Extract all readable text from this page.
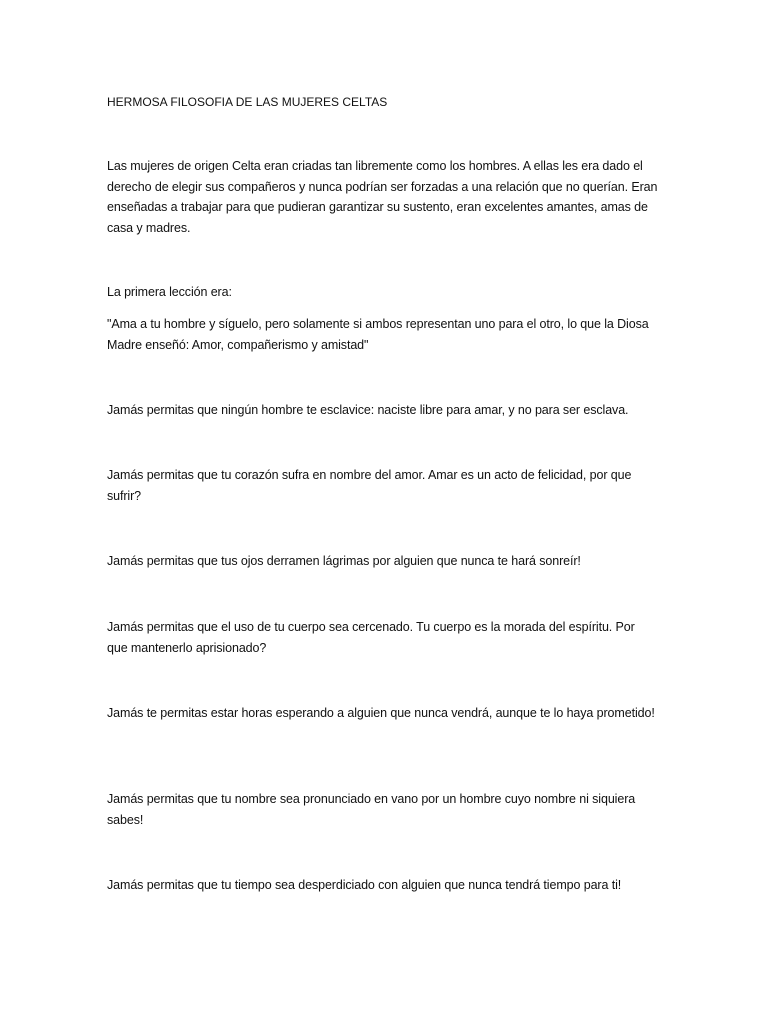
HERMOSA FILOSOFIA DE LAS MUJERES CELTAS

Las mujeres de origen Celta eran criadas tan libremente como los hombres. A ellas les era dado el derecho de elegir sus compañeros y nunca podrían ser forzadas a una relación que no querían. Eran enseñadas a trabajar para que pudieran garantizar su sustento, eran excelentes amantes, amas de casa y madres.

La primera lección era:

"Ama a tu hombre y síguelo, pero solamente si ambos representan uno para el otro, lo que la Diosa Madre enseñó: Amor, compañerismo y amistad"

Jamás permitas que ningún hombre te esclavice: naciste libre para amar, y no para ser esclava.

Jamás permitas que tu corazón sufra en nombre del amor. Amar es un acto de felicidad, por que sufrir?

Jamás permitas que tus ojos derramen lágrimas por alguien que nunca te hará sonreír!

Jamás permitas que el uso de tu cuerpo sea cercenado. Tu cuerpo es la morada del espíritu. Por que mantenerlo aprisionado?

Jamás te permitas estar horas esperando a alguien que nunca vendrá, aunque te lo haya prometido!

Jamás permitas que tu nombre sea pronunciado en vano por un hombre cuyo nombre ni siquiera sabes!

Jamás permitas que tu tiempo sea desperdiciado con alguien que nunca tendrá tiempo para ti!
